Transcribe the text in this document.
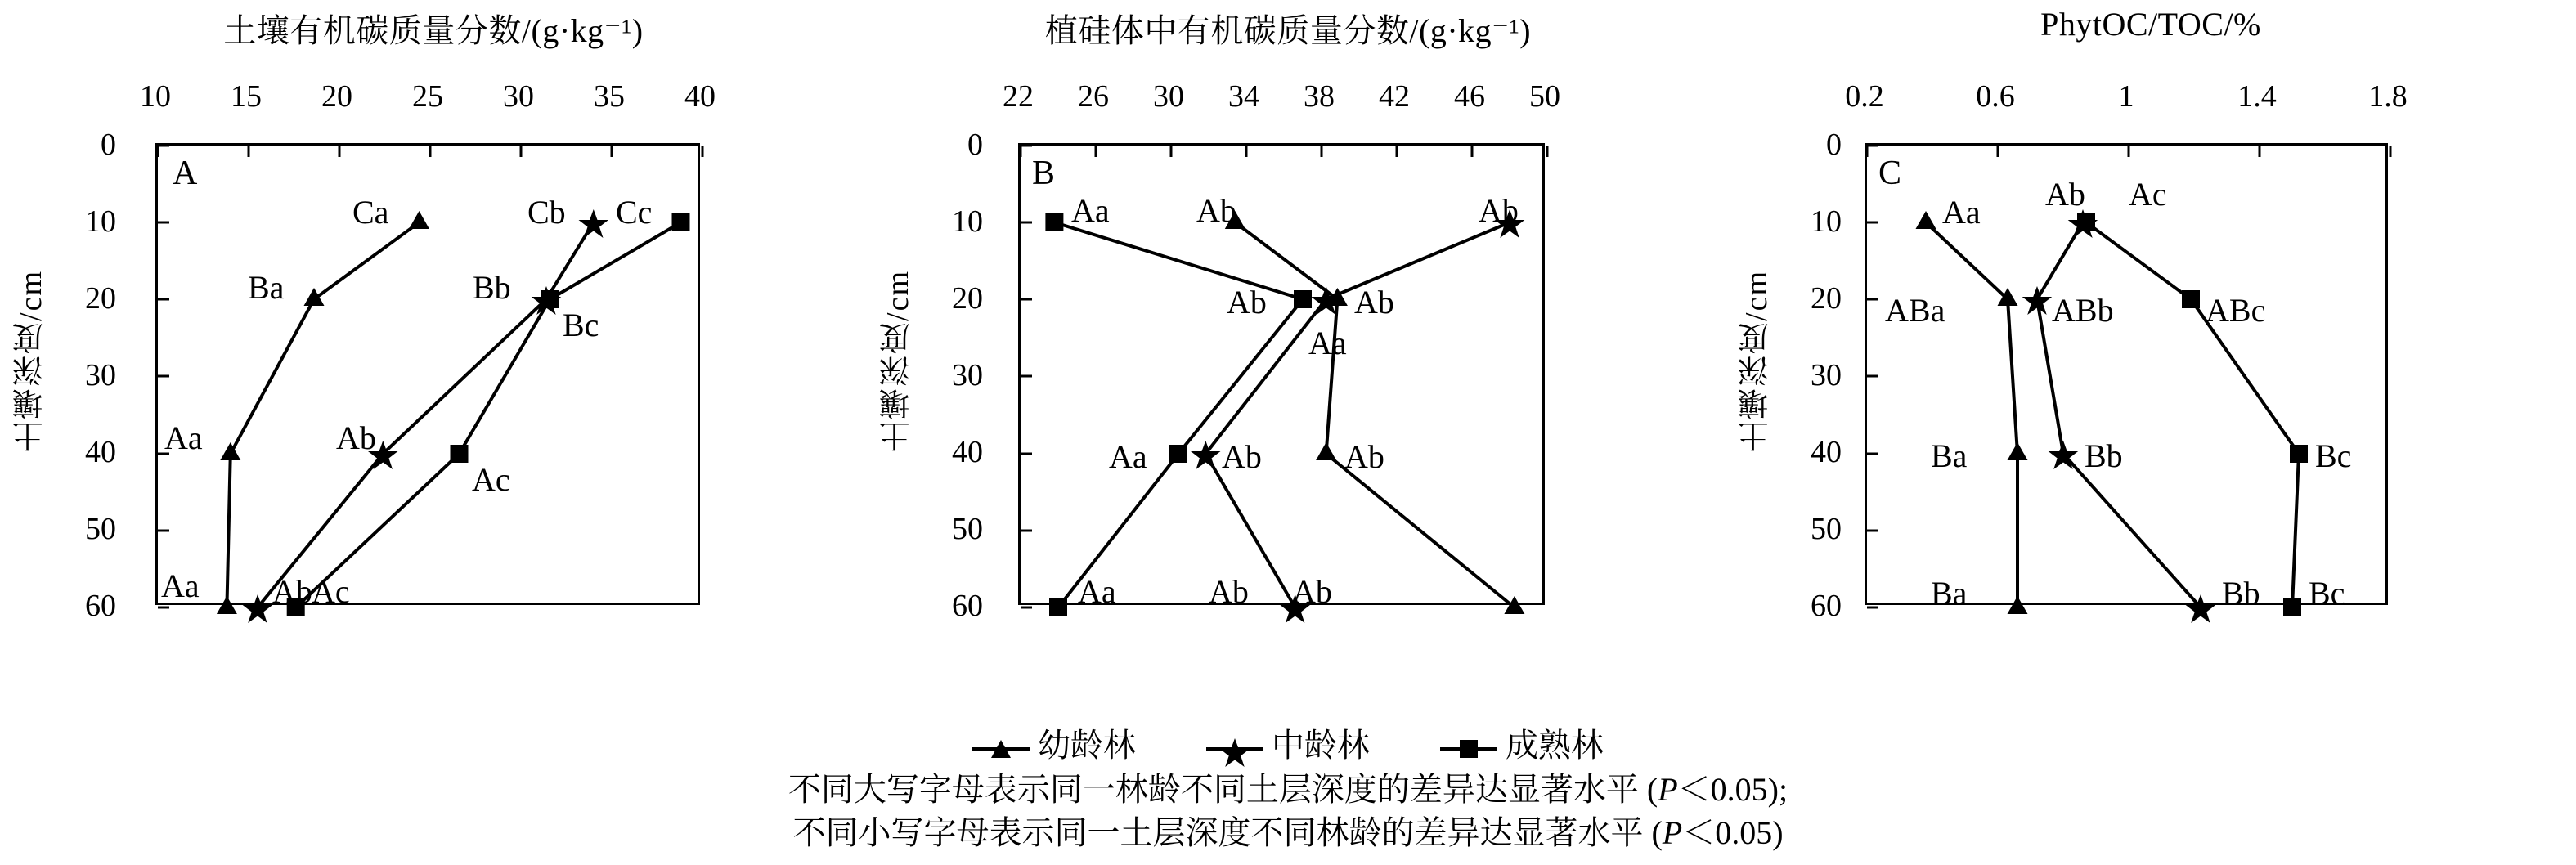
土壤有机碳质量分数/(g·kg⁻¹)
土壤深度/cm
10	15	20	25	30	35	40
0
10
20
30
40
50
60
A
Ca
Ba
Aa
Aa
Cb
Bb
Ab
Ab
Cc
Bc
Ac
Ac
植硅体中有机碳质量分数/(g·kg⁻¹)
土壤深度/cm
22	26	30	34	38	42	46	50
0
10
20
30
40
50
60
B
Ab
Ab
Ab
Ab
Ab
Aa
Ab
Ab
Aa
Ab
Aa
Aa
PhytOC/TOC/%
土壤深度/cm
0.2	0.6	1	1.4	1.8
0
10
20
30
40
50
60
C
Aa
ABa
Ba
Ba
Ab
ABb
Bb
Bb
Ac
ABc
Bc
Bc
幼龄林	中龄林	成熟林
不同大写字母表示同一林龄不同土层深度的差异达显著水平 (P＜0.05);
不同小写字母表示同一土层深度不同林龄的差异达显著水平 (P＜0.05)
